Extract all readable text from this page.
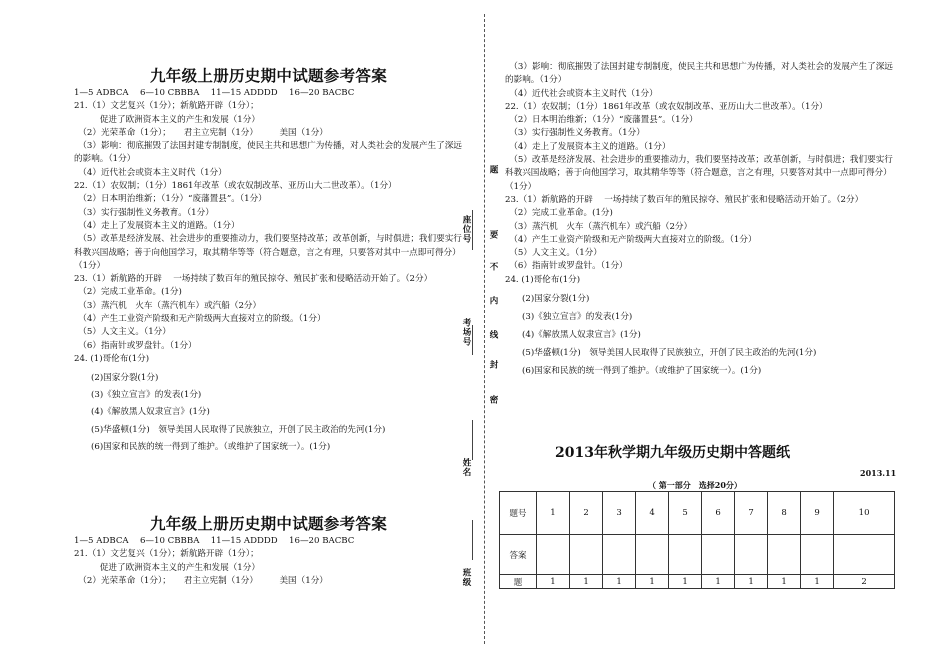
九年级上册历史期中试题参考答案
1—5 ADBCA　 6—10 CBBBA　 11—15 ADDDD　 16—20 BACBC
21.（1）文艺复兴（1分）；新航路开辟（1分）；
　　　促进了欧洲资本主义的产生和发展（1分）
　（2）光荣革命（1分）；　　君主立宪制（1分）　　　美国（1分）
　（3）影响：彻底摧毁了法国封建专制制度，使民主共和思想广为传播，对人类社会的发展产生了深远的影响。（1分）
　（4）近代社会或资本主义时代（1分）
22.（1）农奴制；（1分）1861年改革（或农奴制改革、亚历山大二世改革）。（1分）
　（2）日本明治维新；（1分）“废藩置县”。（1分）
　（3）实行强制性义务教育。（1分）
　（4）走上了发展资本主义的道路。（1分）
　（5）改革是经济发展、社会进步的重要推动力，我们要坚持改革；改革创新，与时俱进；我们要实行科教兴国战略；善于向他国学习，取其精华等等（符合题意，言之有理，只要答对其中一点即可得分）（1分）
23.（1）新航路的开辟　 一场持续了数百年的殖民掠夺、殖民扩张和侵略活动开始了。（2分）
　（2）完成工业革命。(1分)
　（3）蒸汽机　火车（蒸汽机车）或汽船（2分）
　（4）产生工业资产阶级和无产阶级两大直接对立的阶级。（1分）
　（5）人文主义。（1分）
　（6）指南针或罗盘针。（1分）
24. (1)哥伦布(1分)
(2)国家分裂(1分)
(3)《独立宣言》的发表(1分)
(4)《解放黑人奴隶宣言》(1分)
(5)华盛顿(1分)　领导美国人民取得了民族独立，开创了民主政治的先河(1分)
(6)国家和民族的统一得到了维护。（或维护了国家统一）。(1分)
九年级上册历史期中试题参考答案
1—5 ADBCA　 6—10 CBBBA　 11—15 ADDDD　 16—20 BACBC
21.（1）文艺复兴（1分）；新航路开辟（1分）；
　　　促进了欧洲资本主义的产生和发展（1分）
　（2）光荣革命（1分）；　　君主立宪制（1分）　　　美国（1分）
题
座位号 要
不
内
考场号 线
封
密
姓名
班级
　（3）影响：彻底摧毁了法国封建专制制度，使民主共和思想广为传播，对人类社会的发展产生了深远的影响。（1分）
　（4）近代社会或资本主义时代（1分）
22.（1）农奴制；（1分）1861年改革（或农奴制改革、亚历山大二世改革）。（1分）
　（2）日本明治维新；（1分）“废藩置县”。（1分）
　（3）实行强制性义务教育。（1分）
　（4）走上了发展资本主义的道路。（1分）
　（5）改革是经济发展、社会进步的重要推动力，我们要坚持改革；改革创新，与时俱进；我们要实行科教兴国战略；善于向他国学习，取其精华等等（符合题意，言之有理，只要答对其中一点即可得分）（1分）
23.（1）新航路的开辟　 一场持续了数百年的殖民掠夺、殖民扩张和侵略活动开始了。（2分）
　（2）完成工业革命。(1分)
　（3）蒸汽机　火车（蒸汽机车）或汽船（2分）
　（4）产生工业资产阶级和无产阶级两大直接对立的阶级。（1分）
　（5）人文主义。（1分）
　（6）指南针或罗盘针。（1分）
24. (1)哥伦布(1分)
(2)国家分裂(1分)
(3)《独立宣言》的发表(1分)
(4)《解放黑人奴隶宣言》(1分)
(5)华盛顿(1分)　领导美国人民取得了民族独立，开创了民主政治的先河(1分)
(6)国家和民族的统一得到了维护。（或维护了国家统一）。(1分)
2013年秋学期九年级历史期中答题纸
2013.11
（ 第一部分　选择20分）
题号	1	2	3	4	5	6	7	8	9	10
答案										
题	1	1	1	1	1	1	1	1	1	2
